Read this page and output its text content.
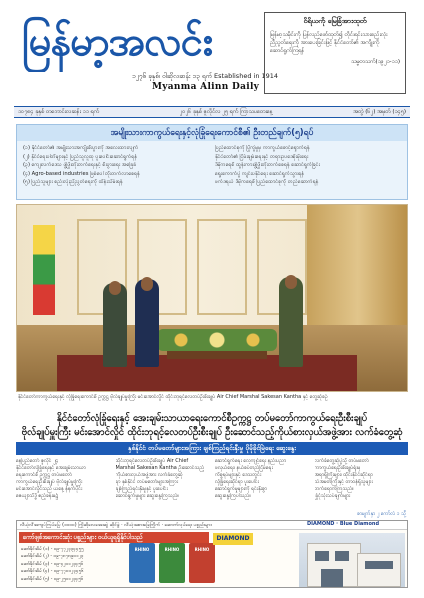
မြန်မာ့အလင်း
၁၂၇၆ ခုနှစ်၊ ဝါဆိုလဆန်း ၁၃ ရက် Established in 1914
Myanma Alinn Daily
ဝိရိယကို မြေခြံအားထုတ်
မြန်မာ့သမိုင်းကို ပြန်လည်ဖော်ထုတ်၍ တိုင်းရင်းသားစည်းလုံးညီညွတ်ရေးကို အားပေးခြင်းဖြင့် နိုင်ငံတော်၏ အကျိုးကို ဆောင်ရွက်ကြရန်
သမ္မတသက်(၁၉၂၁-၁၁)
၁၀၇၈၄ ခုနှစ် တဘောင်းလဆန်း ၁၁ ရက်	၂၀၂၆ ခုနှစ် ဇူလိုင်လ ၂၅ ရက် ကြာသပတေးနေ့	အတွဲ (၆၂) အမှတ် (၁၄၅)
အမျိုးသားကာကွယ်ရေးနှင့်လုံခြုံရေးကောင်စီ၏ ဦးတည်ချက်(၅)ရပ်
(၁) နိုင်ငံတော်၏ အမျိုးသားအကျိုးစီးပွားကို အလေးထားလျက်
(၂) နိုင်ငံရေးပါတီများနှင့် ပြည်သူလူထု ပူးပေါင်းဆောင်ရွက်ရန်
(၃) ကျေးလက်ဒေသ ဖွံ့ဖြိုးတိုးတက်ရေးနှင့် စီးပွားရေး အခြေခံ
(၄) Agro-based industries ဖြစ်ပေါ်တိုးတက်လာစေရန်
(၅) ပြည်သူများ စည်းလုံးညီညွတ်ရေးကို ထိန်းသိမ်းရန်
ပြည်ထောင်စုကို ပြိုကွဲမှုမှ ကာကွယ်စောင့်ရှောက်ရန်
နိုင်ငံတော်၏ ငြိမ်းချမ်းရေးနှင့် တရားဥပဒေစိုးမိုးရေး
ဒီမိုကရေစီ ထွန်းကားဖွံ့ဖြိုးတိုးတက်စေရန် ဆောင်ရွက်ခြင်း
ရွေးကောက်ပွဲ ကျင်းပနိုင်ရေး ဆောင်ရွက်သွားရန်
ဖက်ဒရယ် ဒီမိုကရေစီ ပြည်ထောင်စုကို တည်ဆောက်ရန်
နိုင်ငံတော်ကာကွယ်ရေးနှင့် လုံခြုံရေးကောင်စီ ဥက္ကဋ္ဌ ဗိုလ်ချုပ်မှူးကြီး မင်းအောင်လှိုင် ထိုင်းဘုရင့်လေတပ်ဦးစီးချုပ် Air Chief Marshal Sakesan Kantha နှင့် တွေ့ဆုံစဉ်
နိုင်ငံတော်လုံခြုံရေးနှင့် အေးချမ်းသာယာရေးကောင်စီဥက္ကဋ္ဌ တပ်မတော်ကာကွယ်ရေးဦးစီးချုပ်
ဗိုလ်ချုပ်မှူးကြီး မင်းအောင်လှိုင် ထိုင်းဘုရင့်လေတပ်ဦးစီးချုပ် ဦးဆောင်သည့်ကိုယ်စားလှယ်အဖွဲ့အား လက်ခံတွေ့ဆုံ
နှစ်နိုင်ငံ တပ်မတော်များအကြား ချစ်ကြည်ရင်းနှီးမှု ပိုမိုခိုင်မြဲရေး ဆွေးနွေး

နေပြည်တော် ဇူလိုင် ၂၄

နိုင်ငံတော်လုံခြုံရေးနှင့် အေးချမ်းသာယာ

ရေးကောင်စီ ဥက္ကဋ္ဌ တပ်မတော်

ကာကွယ်ရေးဦးစီးချုပ် ဗိုလ်ချုပ်မှူးကြီး

မင်းအောင်လှိုင်သည် ယနေ့ နံနက်ပိုင်း

ဇေယျာသိဒ္ဓိ ဧည့်ခန်းမ၌

ထိုင်းဘုရင့်လေတပ်ဦးစီးချုပ် Air Chief

Marshal Sakesan Kantha ဦးဆောင်သည့်

ကိုယ်စားလှယ်အဖွဲ့အား လက်ခံတွေ့ဆုံ

ရာ နှစ်နိုင်ငံ တပ်မတော်များအကြား

ချစ်ကြည်ရင်းနှီးမှုနှင့် ပူးပေါင်း

ဆောင်ရွက်မှုများ ဆွေးနွေးကြသည်။

ဆောင်ရွက်ရေး လေ့ကျင့်ရေး နည်းပညာ

ဖလှယ်ရေး၊ နယ်စပ်တည်ငြိမ်ရေး

ကိစ္စရပ်များနှင့် ဒေသတွင်း

လုံခြုံရေးဆိုင်ရာ ပူးပေါင်း

ဆောင်ရွက်မှုများကို ရင်းနှီးစွာ

ဆွေးနွေးကြပါသည်။

လက်ခံတွေ့ဆုံပွဲသို့ တပ်မတော်

ကာကွယ်ရေးဦးစီးချုပ်ရုံးမှ

အရာရှိကြီးများ၊ ထိုင်းနိုင်ငံဆိုင်ရာ

သံအမတ်ကြီးနှင့် တာဝန်ရှိသူများ

တက်ရောက်ကြသည်။

ခြုံငုံသုံးသပ်ချက်များ

စာမျက်နှာ ၂ ကော်လံ ၁ သို့
လီယုံလီအကျပ်ကြပ်ပြေ (၁၀၀၀) ကြိုဆိုလေအေးဆွဲ ဆိုင်ခွဲ · လီယုံအစားခြေကြိုက် · ဆောက်လုပ်ရေး ပစ္စည်းများ
ကော်ဖျစ်အကောင်းဆုံး ပစ္စည်းများ ဝယ်ယူရရှိနိုင်ပါသည်
ဆော်ဖိုင်အိမ် (၁) - ၀၉-၇၇၂၃၃၄၄၅၅
ဆော်ဖိုင်အိမ် (၂) - ၀၉-၇၈၇၈၉၀၁၂၃
ဆော်ဖိုင်အိမ် (၃) - ၀၉-၄၂၀၁၂၃၄၅၆
ဆော်ဖိုင်အိမ် (၄) - ၀၉-၇၇၀၁၂၃၄၅၆
ဆော်ဖိုင်အိမ် (၅) - ၀၉-၂၅၀၁၂၃၄၅၆
RHINO	RHINO	RHINO
DIAMOND
DIAMOND · Blue Diamond
